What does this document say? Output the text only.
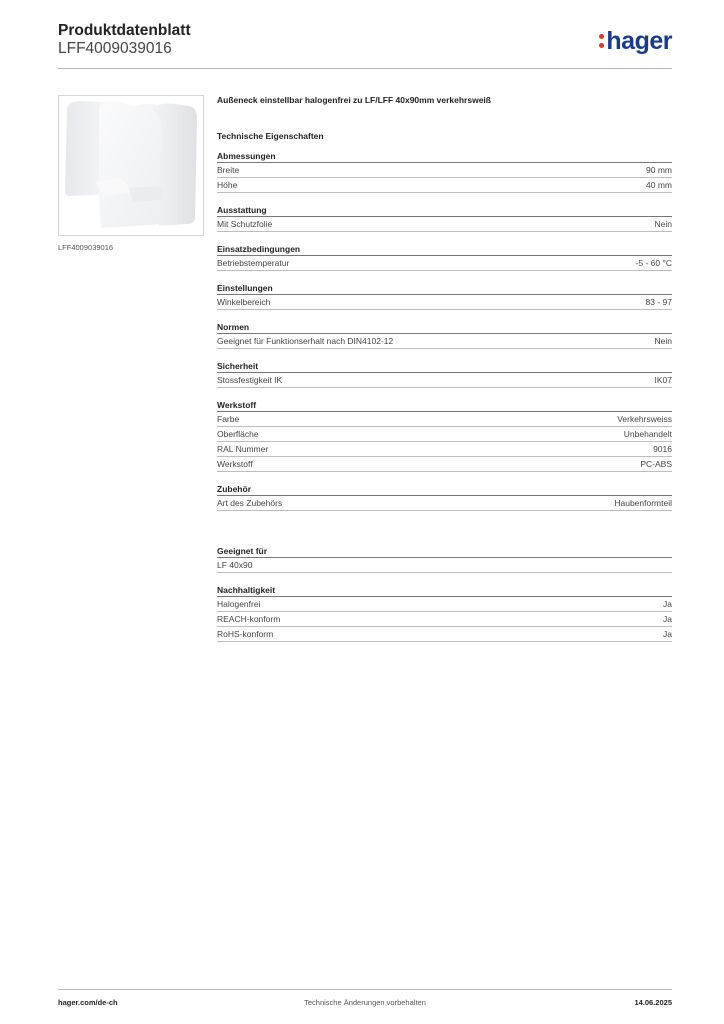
Produktdatenblatt
LFF4009039016	hager
LFF4009039016
Außeneck einstellbar halogenfrei zu LF/LFF 40x90mm verkehrsweiß
Technische Eigenschaften
Abmessungen
Breite	90 mm
Höhe	40 mm
Ausstattung
Mit Schutzfolie	Nein
Einsatzbedingungen
Betriebstemperatur	-5 - 60 °C
Einstellungen
Winkelbereich	83 - 97
Normen
Geeignet für Funktionserhalt nach DIN4102-12	Nein
Sicherheit
Stossfestigkeit IK	IK07
Werkstoff
Farbe	Verkehrsweiss
Oberfläche	Unbehandelt
RAL Nummer	9016
Werkstoff	PC-ABS
Zubehör
Art des Zubehörs	Haubenformteil
Geeignet für
LF 40x90
Nachhaltigkeit
Halogenfrei	Ja
REACH-konform	Ja
RoHS-konform	Ja
hager.com/de-ch	Technische Änderungen vorbehalten	14.06.2025
